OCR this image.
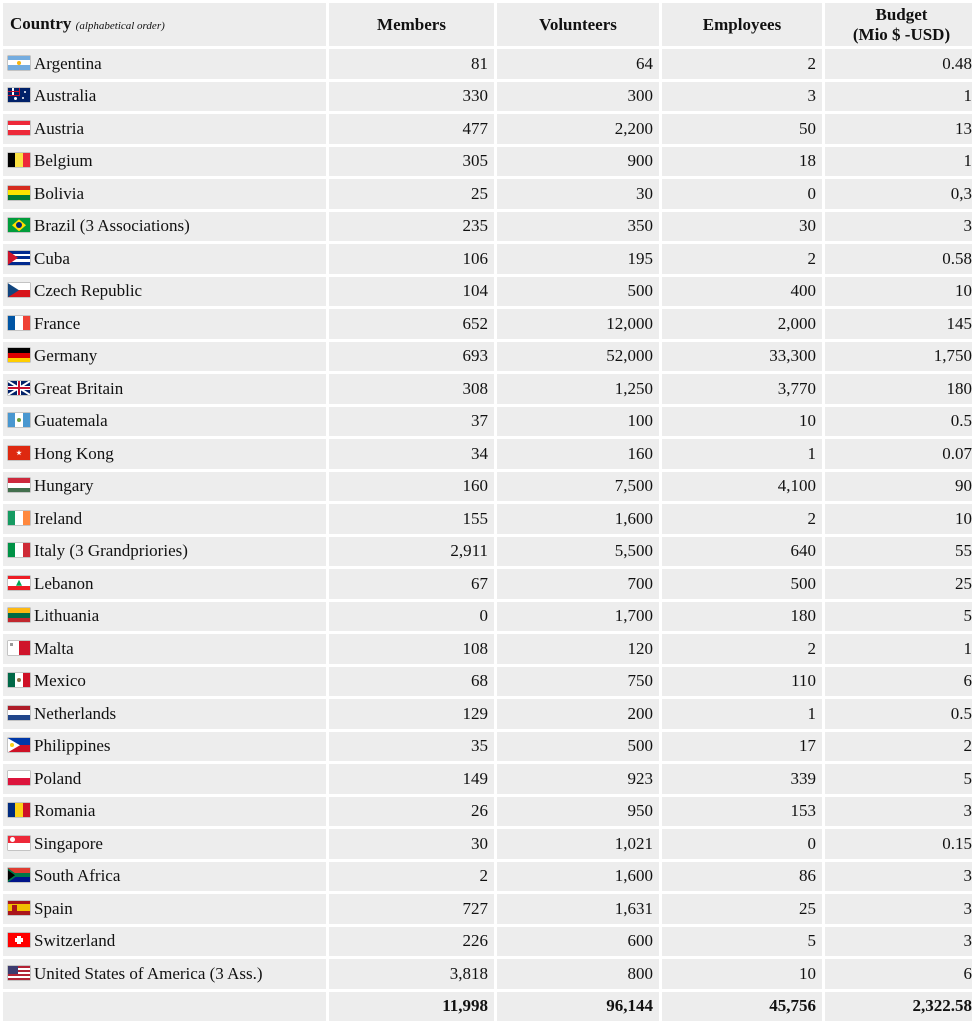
Country (alphabetical order)	Members	Volunteers	Employees	Budget
(Mio $ -USD)

Argentina	81	64	2	0.48

Australia	330	300	3	1

Austria	477	2,200	50	13

Belgium	305	900	18	1

Bolivia	25	30	0	0,3

Brazil (3 Associations)	235	350	30	3

Cuba	106	195	2	0.58

Czech Republic	104	500	400	10

France	652	12,000	2,000	145

Germany	693	52,000	33,300	1,750

Great Britain	308	1,250	3,770	180

Guatemala	37	100	10	0.5

Hong Kong	34	160	1	0.07

Hungary	160	7,500	4,100	90

Ireland	155	1,600	2	10

Italy (3 Grandpriories)	2,911	5,500	640	55

Lebanon	67	700	500	25

Lithuania	0	1,700	180	5

Malta	108	120	2	1

Mexico	68	750	110	6

Netherlands	129	200	1	0.5

Philippines	35	500	17	2

Poland	149	923	339	5

Romania	26	950	153	3

Singapore	30	1,021	0	0.15

South Africa	2	1,600	86	3

Spain	727	1,631	25	3

Switzerland	226	600	5	3

United States of America (3 Ass.)	3,818	800	10	6
	11,998	96,144	45,756	2,322.58
